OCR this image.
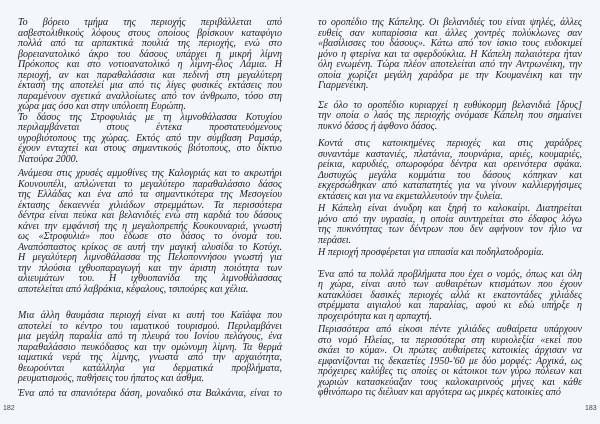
Το βόρειο τμήμα της περιοχής περιβάλλεται από
ασβεστολιθικούς λόφους στους οποίους βρίσκουν καταφύγιο
πολλά από τα αρπακτικά πουλιά της περιοχής, ενώ στο
βορειανατολικό άκρο του δάσους υπάρχει η μικρή λίμνη
Πρόκοπος και στο νοτιοανατολικό η λίμνη-έλος Λάμια. Η
περιοχή, αν και παραθαλάσσια και πεδινή στη μεγαλύτερη
έκτασή της αποτελεί μια από τις λίγες φυσικές εκτάσεις που
παραμένουν σχετικά αναλλοίωτες από τον άνθρωπο, τόσο στη
χώρα μας όσο και στην υπόλοιπη Ευρώπη.
Το δάσος της Στροφυλιάς με τη λιμνοθάλασσα Κοτυχίου
περιλαμβάνεται στους έντεκα προστατευόμενους
υγροβιότοπους της χώρας. Εκτός από την σύμβαση Ραμσάρ,
έχουν ενταχτεί και στους σημαντικούς βιότοπους, στο δίκτυο
Νατούρα 2000.
Ανάμεσα στις χρυσές αμμοθίνες της Καλογριάς και το ακρωτήρι
Κουνουπέλι, απλώνεται το μεγαλύτερο παραθαλάσσιο δάσος
της Ελλάδας και ένα από τα σημαντικότερα της Μεσογείου
έκτασης δεκαεννέα χιλιάδων στρεμμάτων. Τα περισσότερα
δέντρα είναι πεύκα και βελανιδιές ενώ στη καρδιά του δάσους
κάνει την εμφάνισή της η μεγαλοπρεπής Κουκουναριά, γνωστή
ως «Στροφυλιά» που έδωσε στο δάσος το όνομά του.
Αναπόσπαστος κρίκος σε αυτή την μαγική αλυσίδα το Κοτύχι.
Η μεγαλύτερη λιμνοθάλασσα της Πελοποννήσου γνωστή για
την πλούσια ιχθυοπαραγωγή και την άριστη ποιότητα των
αλιευμάτων του. Η ιχθυοπανίδα της λιμνοθάλασσας
αποτελείται από λαβράκια, κέφαλους, τσιπούρες και χέλια.
Μια άλλη θαυμάσια περιοχή είναι κι αυτή του Καϊάφα που
αποτελεί το κέντρο του ιαματικού τουρισμού. Περιλαμβάνει
μια μεγάλη παραλία από τη πλευρά του Ιονίου πελάγους, ένα
παραθαλάσσιο πευκόδασος και την ομώνυμη λίμνη. Τα θερμά
ιαματικά νερά της λίμνης, γνωστά από την αρχαιότητα,
θεωρούνται κατάλληλα για δερματικά προβλήματα,
ρευματισμούς, παθήσεις του ήπατος και άσθμα.
Ένα από τα σπανιότερα δάση, μοναδικό στα Βαλκάνια, είναι το
το οροπέδιο της Κάπελης. Οι βελανιδιές του είναι ψηλές, άλλες
ευθείς σαν κυπαρίσσια και άλλες χοντρές πολύκλωνες σαν
«βασίλισσες του δάσους». Κάτω από τον ίσκιο τους ευδοκιμεί
μόνο η φτερίνα και τα σφερδούκλια. Η Κάπελη παλαιότερα ήταν
όλη ενωμένη. Τώρα πλέον αποτελείται από την Αντρωνέικη, την
οποία χωρίζει μεγάλη χαράδρα με την Κουμανέικη και την
Γιαρμενέικη.
Σε όλο το οροπέδιο κυριαρχεί η ευθύκορμη βελανιδιά [δρυς]
την οποία ο λαός της περιοχής ονόμασε Κάπελη που σημαίνει
πυκνό δάσος ή άφθονο δάσος.
Κοντά στις κατοικημένες περιοχές και στις χαράδρες
συναντάμε καστανιές, πλατάνια, πουρνάρια, αριές, κουμαριές,
ρείκια, καρυδιές, οπωροφόρα δέντρα και ορεινότερα σφάκα.
Δυστυχώς μεγάλα κομμάτια του δάσους κόπηκαν και
εκχερσώθηκαν από καταπατητές για να γίνουν καλλιεργήσιμες
εκτάσεις και για να εκμεταλλευτούν την ξυλεία.
Η Κάπελη είναι άνυδρη και ξηρή το καλοκαίρι. Διατηρείται
μόνο από την υγρασία, η οποία συντηρείται στο έδαφος λόγω
της πυκνότητας των δέντρων που δεν αφήνουν τον ήλιο να
περάσει.
Η περιοχή προσφέρεται για ιππασία και ποδηλατοδρομία.
Ένα από τα πολλά προβλήματα που έχει ο νομός, όπως και όλη
η χώρα, είναι αυτό των αυθαιρέτων κτισμάτων που έχουν
κατακλύσει δασικές περιοχές αλλά κι εκατοντάδες χιλιάδες
στρέμματα αιγιαλού και παραλίας, αφού κι εδώ υπήρξε η
προχειρότητα και η αρπαχτή.
Περισσότερα από είκοσι πέντε χιλιάδες αυθαίρετα υπάρχουν
στο νομό Ηλείας, τα περισσότερα στη κυριολεξία «εκεί που
σκάει το κύμα». Οι πρώτες αυθαίρετες κατοικίες άρχισαν να
εμφανίζονται τις δεκαετίες 1950-'60 με δύο μορφές: Αρχικά, ως
πρόχειρες καλύβες τις οποίες οι κάτοικοι των γύρω πόλεων και
χωριών κατασκεύαζαν τους καλοκαιρινούς μήνες και κάθε
φθινόπωρο τις διέλυαν και αργότερα ως μικρές κατοικίες από
182	183
